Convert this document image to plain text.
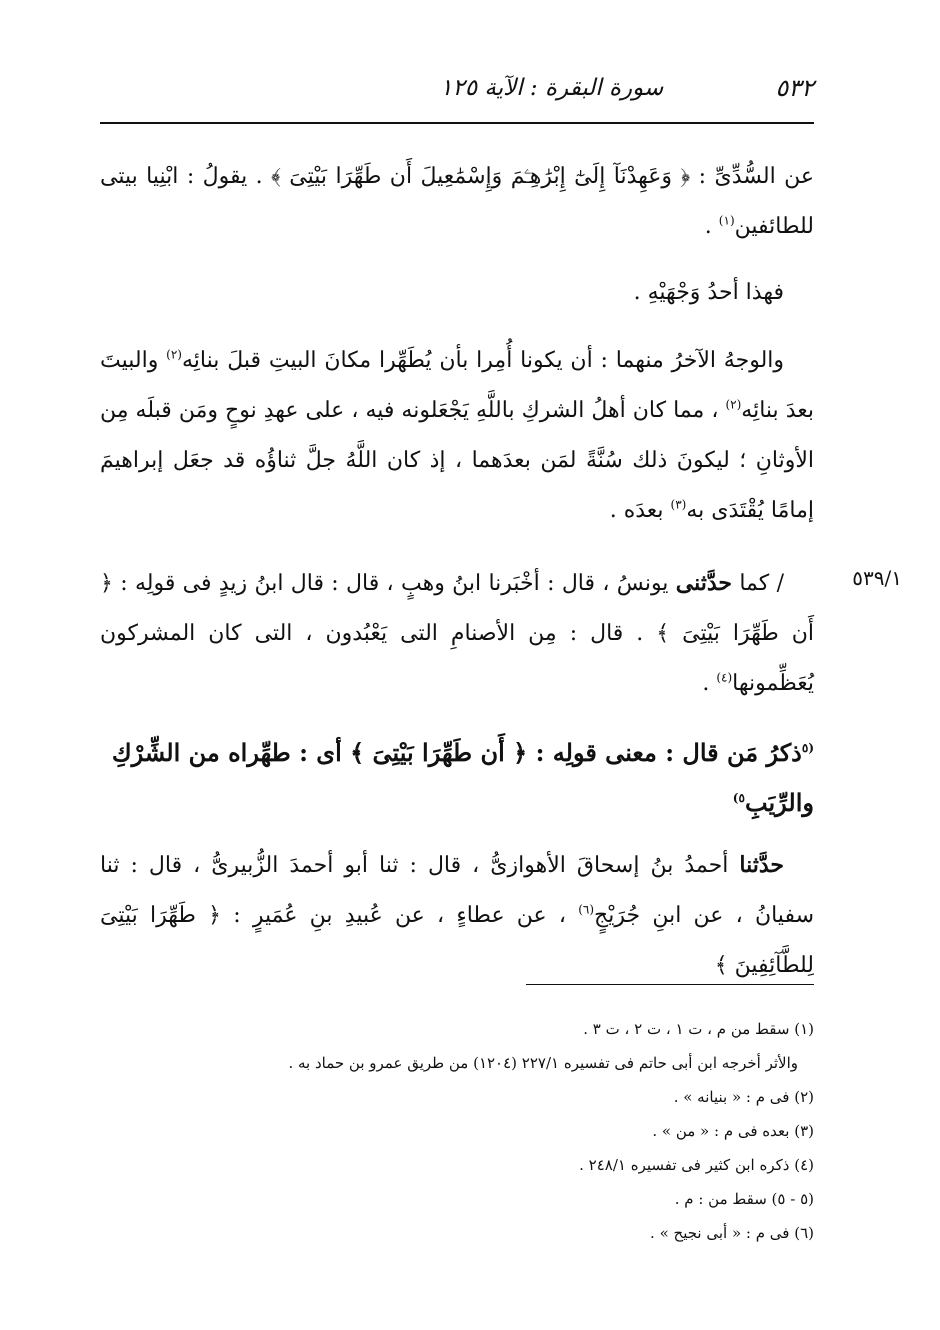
٥٣٢
سورة البقرة : الآية ١٢٥

عن السُّدِّىِّ : ﴿ وَعَهِدْنَآ إِلَىٰٓ إِبْرَٰهِـۧمَ وَإِسْمَٰعِيلَ أَن طَهِّرَا بَيْتِىَ ﴾ . يقولُ : ابْنِيا بيتى للطائفين$^{(١)}$ .

فهذا أحدُ وَجْهَيْهِ .

والوجهُ الآخرُ منهما : أن يكونا أُمِرا بأن يُطَهِّرا مكانَ البيتِ قبلَ بنائِه$^{(٢)}$ والبيتَ بعدَ بنائِه$^{(٢)}$ ، مما كان أهلُ الشركِ باللَّهِ يَجْعَلونه فيه ، على عهدِ نوحٍ ومَن قبلَه مِن الأوثانِ ؛ ليكونَ ذلك سُنَّةً لمَن بعدَهما ، إذ كان اللَّهُ جلَّ ثناؤُه قد جعَل إبراهيمَ إمامًا يُقْتَدَى به$^{(٣)}$ بعدَه .

٥٣٩/١

/ كما حدَّثنى يونسُ ، قال : أخْبَرنا ابنُ وهبٍ ، قال : قال ابنُ زيدٍ فى قولِه : ﴿ أَن طَهِّرَا بَيْتِىَ ﴾ . قال : مِن الأصنامِ التى يَعْبُدون ، التى كان المشركون يُعَظِّمونها$^{(٤)}$ .

$^{(٥}$ذكرُ مَن قال : معنى قولِه : ﴿ أَن طَهِّرَا بَيْتِىَ ﴾ أى : طهِّراه من الشِّرْكِ والرِّيَبِ$^{٥)}$

حدَّثنا أحمدُ بنُ إسحاقَ الأهوازىُّ ، قال : ثنا أبو أحمدَ الزُّبيرىُّ ، قال : ثنا سفيانُ ، عن ابنِ جُرَيْجٍ$^{(٦)}$ ، عن عطاءٍ ، عن عُبيدِ بنِ عُمَيرٍ : ﴿ طَهِّرَا بَيْتِىَ لِلطَّآئِفِينَ ﴾

(١) سقط من م ، ت ١ ، ت ٢ ، ت ٣ .

والأثر أخرجه ابن أبى حاتم فى تفسيره ٢٢٧/١ (١٢٠٤) من طريق عمرو بن حماد به .

(٢) فى م : « بنيانه » .

(٣) بعده فى م : « من » .

(٤) ذكره ابن كثير فى تفسيره ٢٤٨/١ .

(٥ - ٥) سقط من : م .

(٦) فى م : « أبى نجيح » .
